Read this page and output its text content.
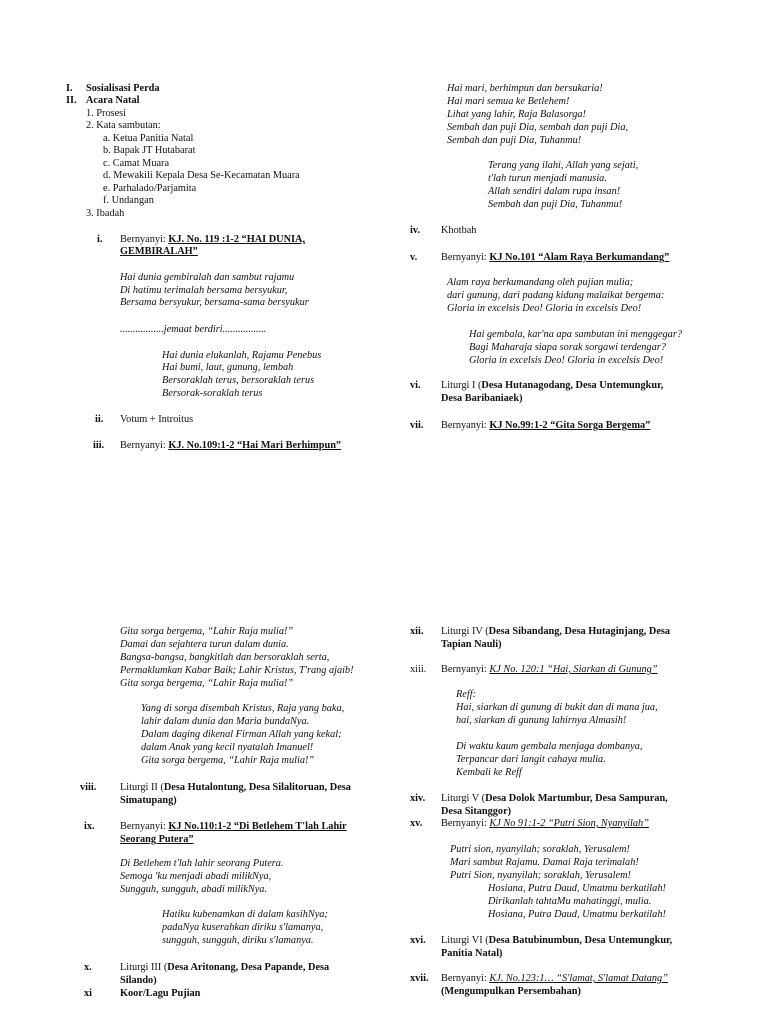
I. Sosialisasi Perda
II. Acara Natal
1. Prosesi
2. Kata sambutan:
a. Ketua Panitia Natal
b. Bapak JT Hutabarat
c. Camat Muara
d. Mewakili Kepala Desa Se-Kecamatan Muara
e. Parhalado/Parjamita
f. Undangan
3. Ibadah
i. Bernyanyi: KJ. No. 119 :1-2 “HAI DUNIA,
GEMBIRALAH”
Hai dunia gembiralah dan sambut rajamu
Di hatimu terimalah bersama bersyukur,
Bersama bersyukur, bersama-sama bersyukur
.................jemaat berdiri.................
Hai dunia elukanlah, Rajamu Penebus
Hai bumi, laut, gunung, lembah
Bersoraklah terus, bersoraklah terus
Bersorak-soraklah terus
ii. Votum + Introitus
iii. Bernyanyi: KJ. No.109:1-2 “Hai Mari Berhimpun”
Hai mari, berhimpun dan bersukaria!
Hai mari semua ke Betlehem!
Lihat yang lahir, Raja Balasorga!
Sembah dan puji Dia, sembah dan puji Dia,
Sembah dan puji Dia, Tuhanmu!
Terang yang ilahi, Allah yang sejati,
t'lah turun menjadi manusia.
Allah sendiri dalam rupa insan!
Sembah dan puji Dia, Tuhanmu!
iv. Khotbah
v. Bernyanyi: KJ No.101 “Alam Raya Berkumandang”
Alam raya berkumandang oleh pujian mulia;
dari gunung, dari padang kidung malaikat bergema:
Gloria in excelsis Deo! Gloria in excelsis Deo!
Hai gembala, kar'na apa sambutan ini menggegar?
Bagi Maharaja siapa sorak sorgawi terdengar?
Gloria in excelsis Deo! Gloria in excelsis Deo!
vi. Liturgi I (Desa Hutanagodang, Desa Untemungkur,
Desa Baribaniaek)
vii. Bernyanyi: KJ No.99:1-2 “Gita Sorga Bergema”
Gita sorga bergema, “Lahir Raja mulia!”
Damai dan sejahtera turun dalam dunia.
Bangsa-bangsa, bangkitlah dan bersoraklah serta,
Permaklumkan Kabar Baik; Lahir Kristus, T'rang ajaib!
Gita sorga bergema, “Lahir Raja mulia!”
Yang di sorga disembah Kristus, Raja yang baka,
lahir dalam dunia dan Maria bundaNya.
Dalam daging dikenal Firman Allah yang kekal;
dalam Anak yang kecil nyatalah Imanuel!
Gita sorga bergema, “Lahir Raja mulia!”
viii. Liturgi II (Desa Hutalontung, Desa Silalitoruan, Desa
Simatupang)
ix. Bernyanyi: KJ No.110:1-2 “Di Betlehem T'lah Lahir
Seorang Putera”
Di Betlehem t'lah lahir seorang Putera.
Semoga 'ku menjadi abadi milikNya,
Sungguh, sungguh, abadi milikNya.
Hatiku kubenamkan di dalam kasihNya;
padaNya kuserahkan diriku s'lamanya,
sungguh, sungguh, diriku s'lamanya.
x.	Liturgi III (Desa Aritonang, Desa Papande, Desa
Silando)
xi	Koor/Lagu Pujian
xii. Liturgi IV (Desa Sibandang, Desa Hutaginjang, Desa
Tapian Nauli)
xiii. Bernyanyi: KJ No. 120:1 “Hai, Siarkan di Gunung”
Reff:
Hai, siarkan di gunung di bukit dan di mana jua,
hai, siarkan di gunung lahirnya Almasih!
Di waktu kaum gembala menjaga dombanya,
Terpancar dari langit cahaya mulia.
Kembali ke Reff
xiv. Liturgi V (Desa Dolok Martumbur, Desa Sampuran,
Desa Sitanggor)
xv. Bernyanyi: KJ No 91:1-2 “Putri Sion, Nyanyilah”
Putri sion, nyanyilah; soraklah, Yerusalem!
Mari sambut Rajamu. Damai Raja terimalah!
Putri Sion, nyanyilah; soraklah, Yerusalem!
Hosiana, Putra Daud, Umatmu berkatilah!
Dirikanlah tahtaMu mahatinggi, mulia.
Hosiana, Putra Daud, Umatmu berkatilah!
xvi. Liturgi VI (Desa Batubinumbun, Desa Untemungkur,
Panitia Natal)
xvii. Bernyanyi: KJ. No.123:1… “S'lamat, S'lamat Datang”
(Mengumpulkan Persembahan)
